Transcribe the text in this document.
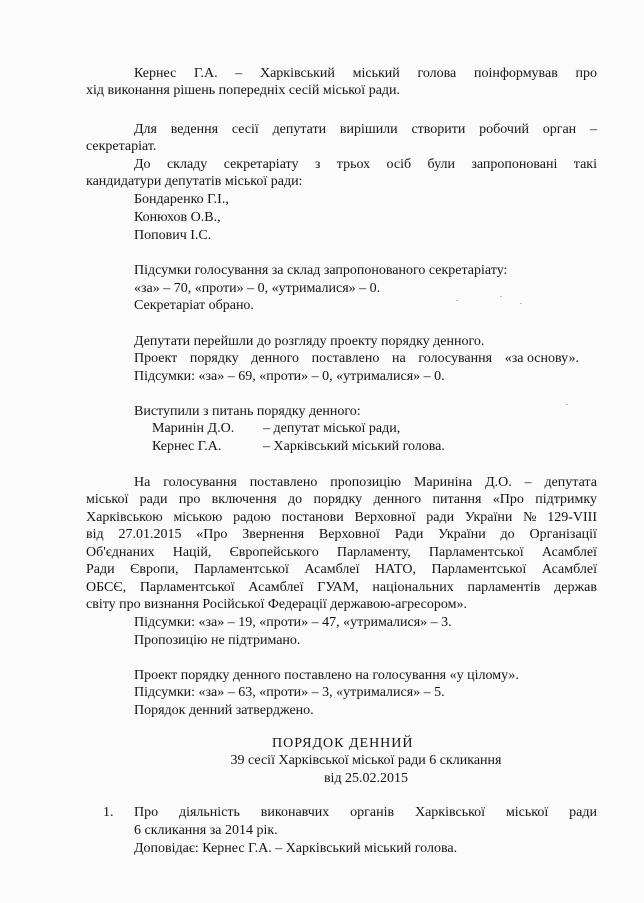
Кернес Г.А. – Харківський міський голова поінформував про
хід виконання рішень попередніх сесій міської ради.
Для ведення сесії депутати вирішили створити робочий орган –
секретаріат.
До складу секретаріату з трьох осіб були запропоновані такі
кандидатури депутатів міської ради:
Бондаренко Г.І.,
Конюхов О.В.,
Попович І.С.
Підсумки голосування за склад запропонованого секретаріату:
«за» – 70, «проти» – 0, «утрималися» – 0.
Секретаріат обрано.
Депутати перейшли до розгляду проекту порядку денного.
Проект порядку денного поставлено на голосування «за основу».
Підсумки: «за» – 69, «проти» – 0, «утрималися» – 0.
Виступили з питань порядку денного:
Маринін Д.О. – депутат міської ради,
Кернес Г.А.	– Харківський міський голова.
На голосування поставлено пропозицію Мариніна Д.О. – депутата
міської ради про включення до порядку денного питання «Про підтримку
Харківською міською радою постанови Верховної ради України № 129-VIII
від 27.01.2015 «Про Звернення Верховної Ради України до Організації
Об'єднаних Націй, Європейського Парламенту, Парламентської Асамблеї
Ради Європи, Парламентської Асамблеї НАТО, Парламентської Асамблеї
ОБСЄ, Парламентської Асамблеї ГУАМ, національних парламентів держав
світу про визнання Російської Федерації державою-агресором».
Підсумки: «за» – 19, «проти» – 47, «утрималися» – 3.
Пропозицію не підтримано.
Проект порядку денного поставлено на голосування «у цілому».
Підсумки: «за» – 63, «проти» – 3, «утрималися» – 5.
Порядок денний затверджено.
ПОРЯДОК ДЕННИЙ
39 сесії Харківської міської ради 6 скликання
від 25.02.2015
1. Про діяльність виконавчих органів Харківської міської ради
6 скликання за 2014 рік.
Доповідає: Кернес Г.А. – Харківський міський голова.
